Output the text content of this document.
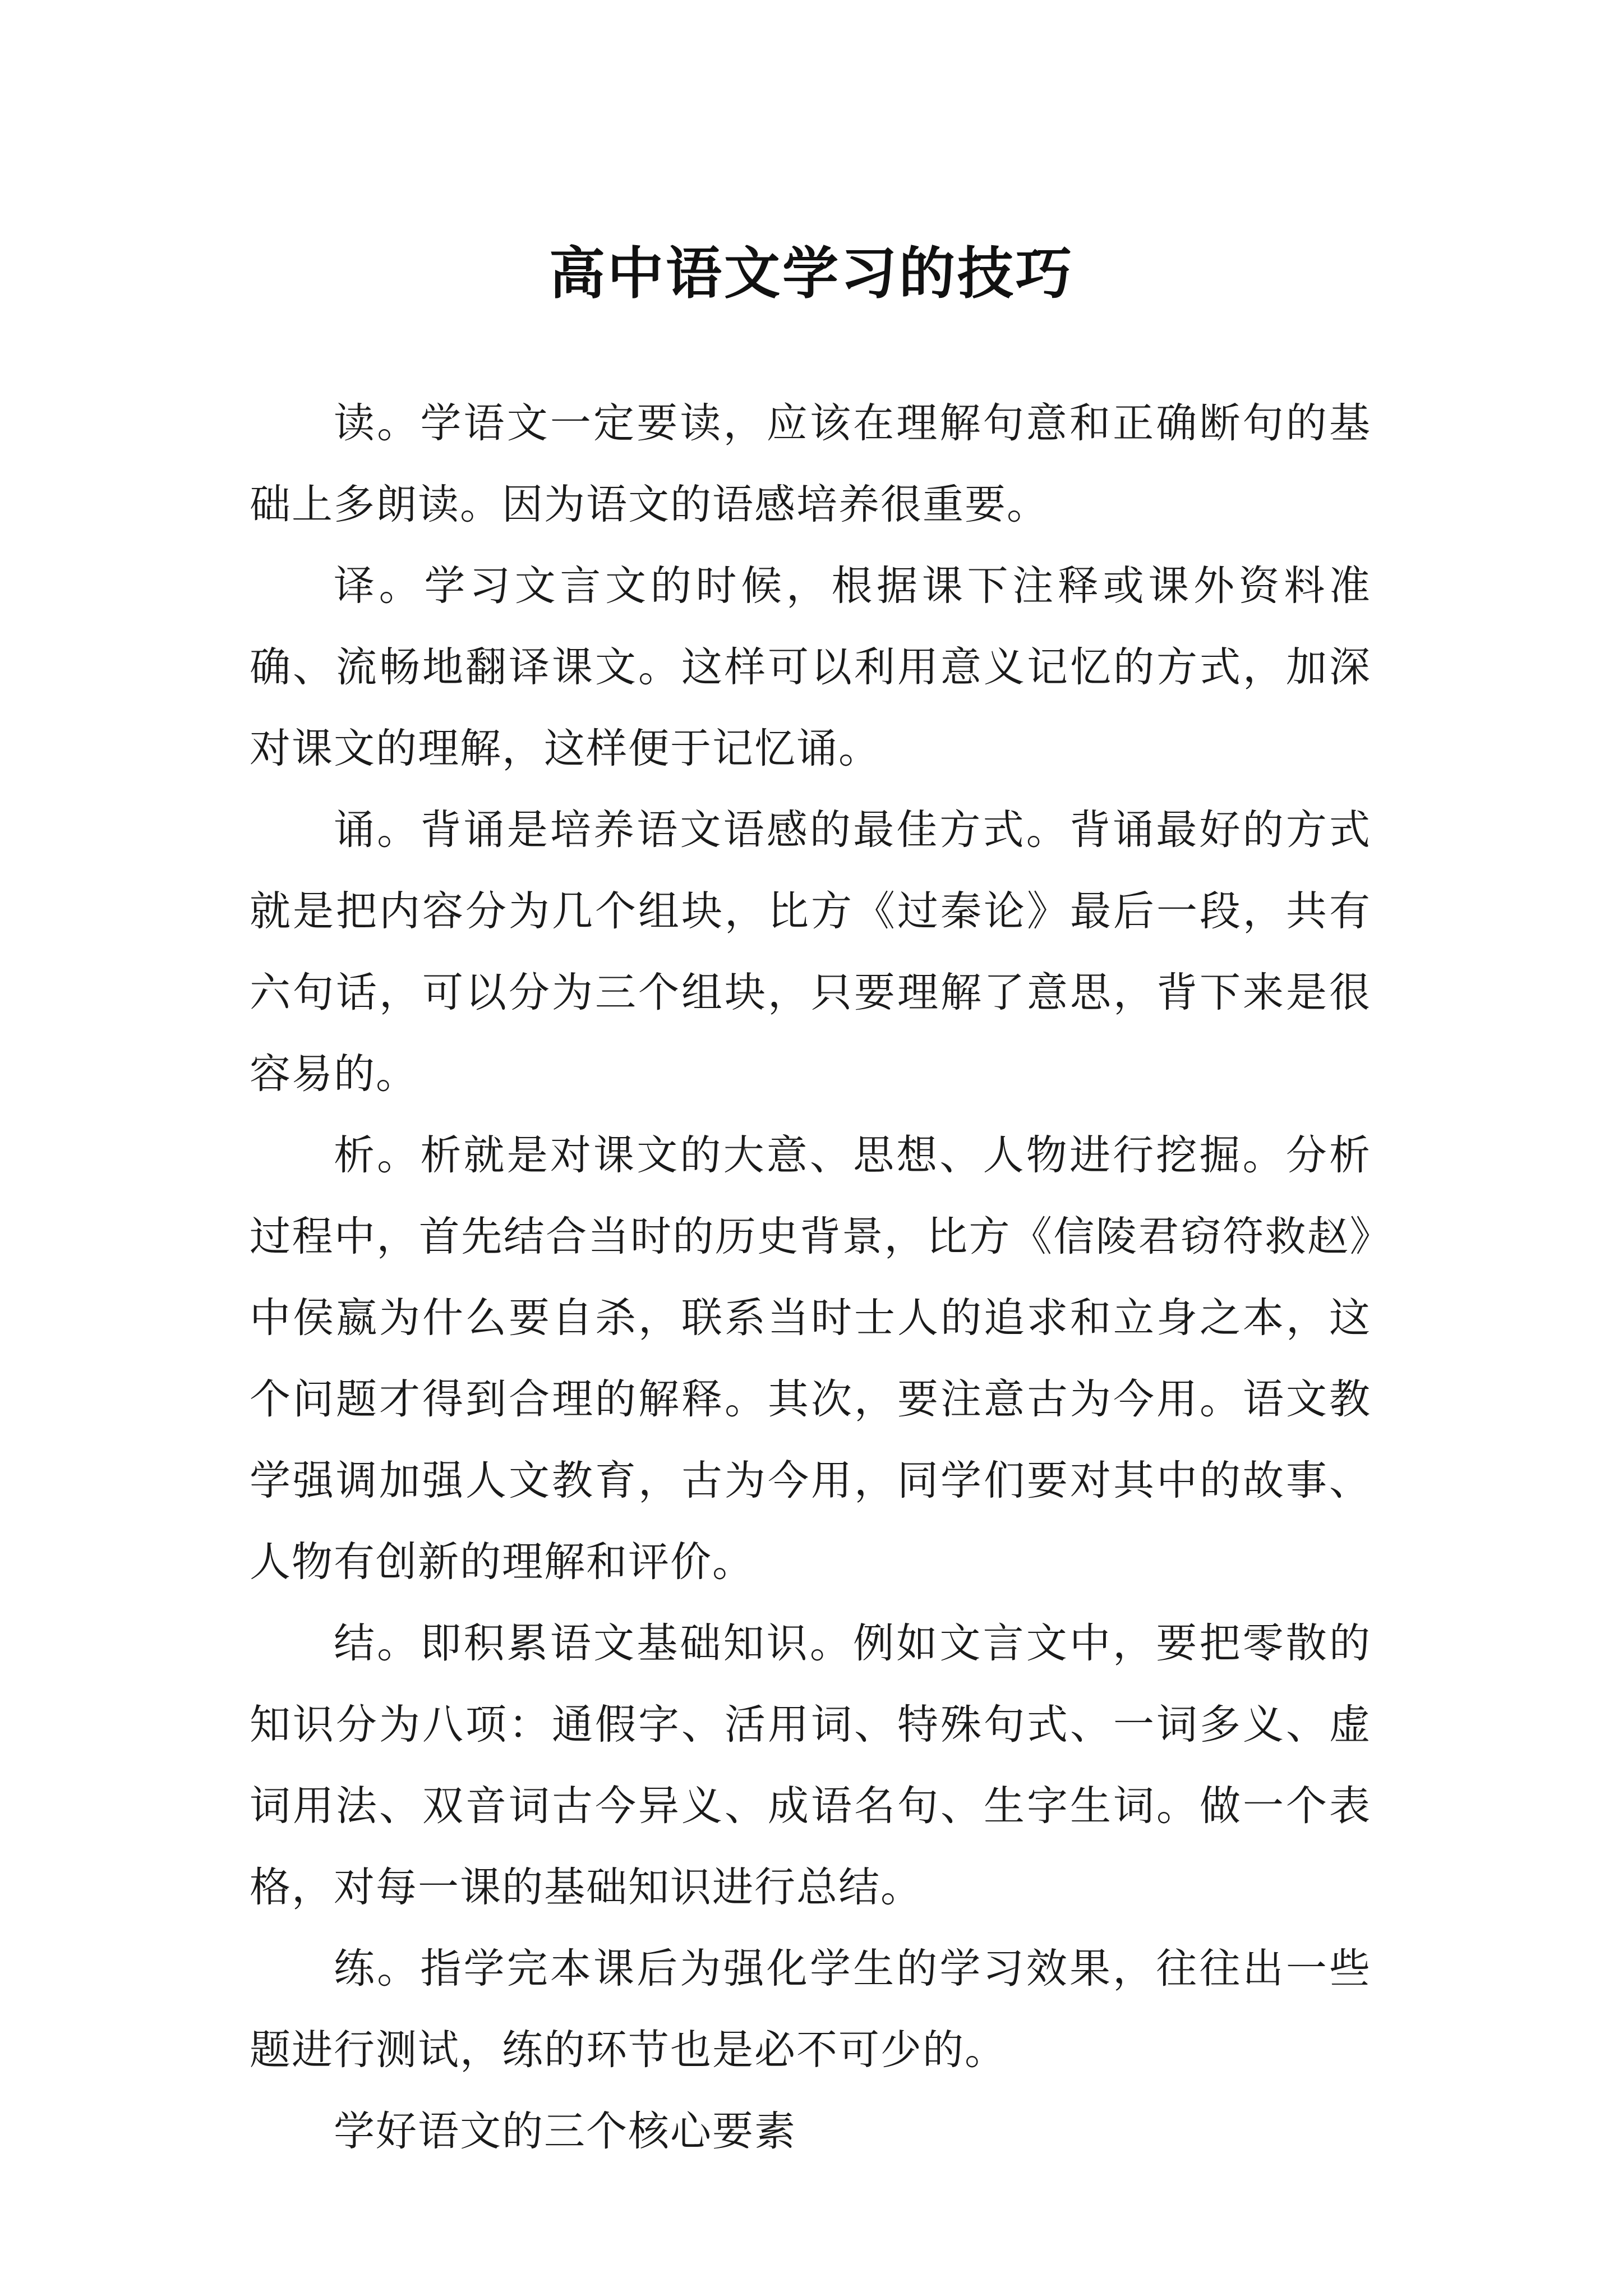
高中语文学习的技巧

读。学语文一定要读，应该在理解句意和正确断句的基础上多朗读。因为语文的语感培养很重要。

译。学习文言文的时候，根据课下注释或课外资料准确、流畅地翻译课文。这样可以利用意义记忆的方式，加深对课文的理解，这样便于记忆诵。

诵。背诵是培养语文语感的最佳方式。背诵最好的方式就是把内容分为几个组块，比方《过秦论》最后一段，共有六句话，可以分为三个组块，只要理解了意思，背下来是很容易的。

析。析就是对课文的大意、思想、人物进行挖掘。分析过程中，首先结合当时的历史背景，比方《信陵君窃符救赵》中侯嬴为什么要自杀，联系当时士人的追求和立身之本，这个问题才得到合理的解释。其次，要注意古为今用。语文教学强调加强人文教育，古为今用，同学们要对其中的故事、人物有创新的理解和评价。

结。即积累语文基础知识。例如文言文中，要把零散的知识分为八项：通假字、活用词、特殊句式、一词多义、虚词用法、双音词古今异义、成语名句、生字生词。做一个表格，对每一课的基础知识进行总结。

练。指学完本课后为强化学生的学习效果，往往出一些题进行测试，练的环节也是必不可少的。

学好语文的三个核心要素
